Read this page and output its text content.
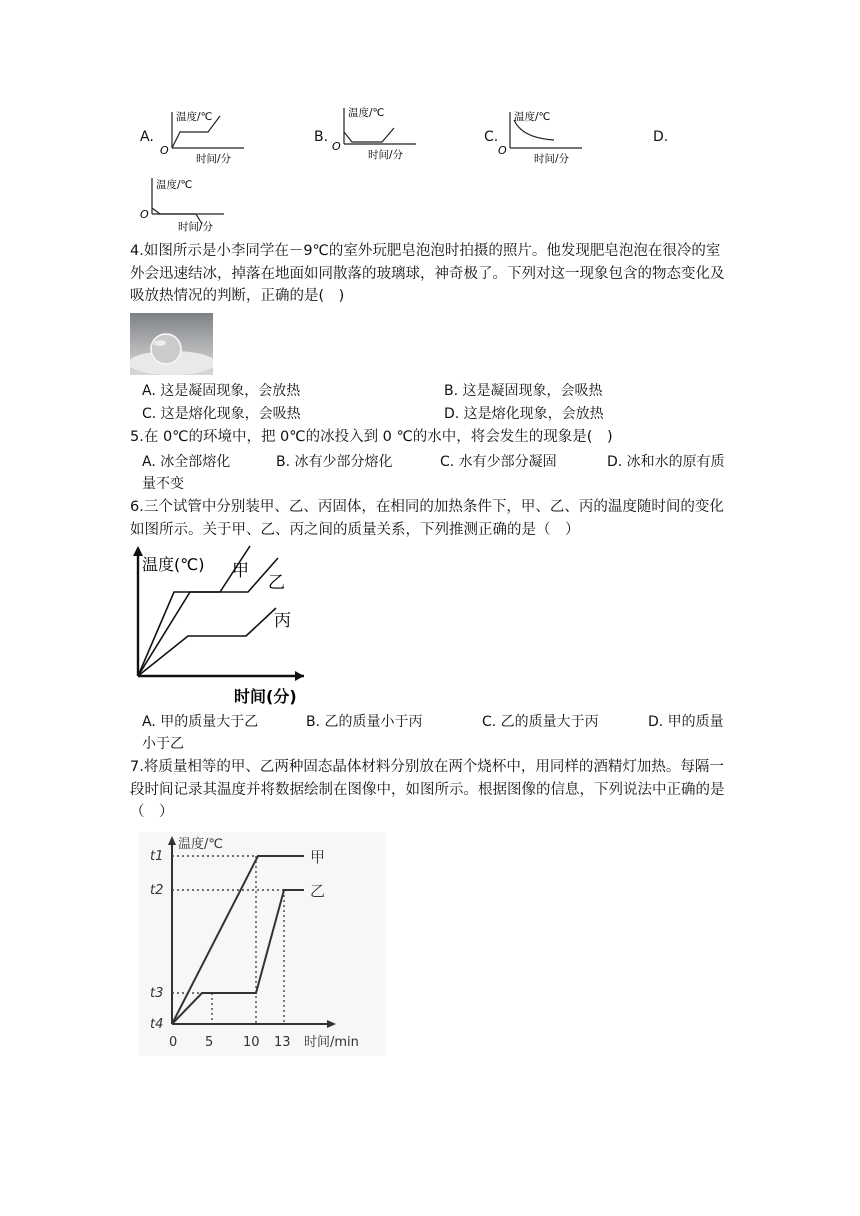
A.
温度/℃
O
时间/分
B.
温度/℃
O
时间/分
C.
温度/℃
O
时间/分
D.
温度/℃
O
时间/分
4.如图所示是小李同学在－9℃的室外玩肥皂泡泡时拍摄的照片。他发现肥皂泡泡在很冷的室外会迅速结冰，掉落在地面如同散落的玻璃球，神奇极了。下列对这一现象包含的物态变化及吸放热情况的判断，正确的是(　)
A. 这是凝固现象，会放热	B. 这是凝固现象，会吸热
C. 这是熔化现象，会吸热	D. 这是熔化现象，会放热
5.在 0℃的环境中，把 0℃的冰投入到 0 ℃的水中，将会发生的现象是(　)
A. 冰全部熔化	B. 冰有少部分熔化	C. 水有少部分凝固	D. 冰和水的原有质
量不变
6.三个试管中分别装甲、乙、丙固体，在相同的加热条件下，甲、乙、丙的温度随时间的变化如图所示。关于甲、乙、丙之间的质量关系，下列推测正确的是（　）
温度(℃)
时间(分)
甲
乙
丙
A. 甲的质量大于乙	B. 乙的质量小于丙	C. 乙的质量大于丙	D. 甲的质量
小于乙
7.将质量相等的甲、乙两种固态晶体材料分别放在两个烧杯中，用同样的酒精灯加热。每隔一段时间记录其温度并将数据绘制在图像中，如图所示。根据图像的信息，下列说法中正确的是（　）
t1
t2
t3
t4
0 5 10 13 时间/min
温度/℃
甲
乙
